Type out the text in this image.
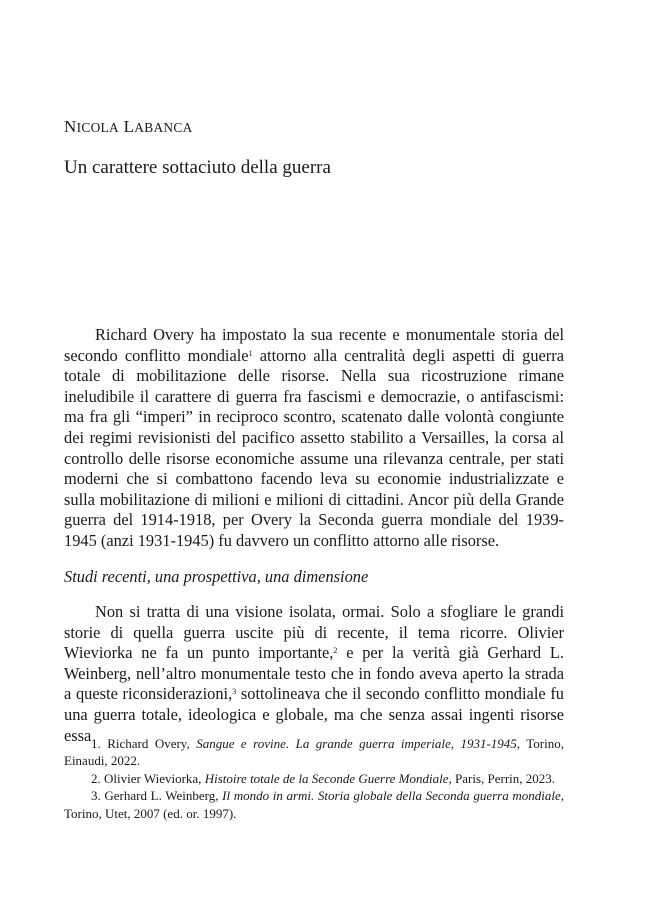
NICOLA LABANCA
Un carattere sottaciuto della guerra

Richard Overy ha impostato la sua recente e monumentale storia del secondo conflitto mondiale$^1$ attorno alla centralità degli aspetti di guerra totale di mobilitazione delle risorse. Nella sua ricostruzione rimane ineludibile il carattere di guerra fra fascismi e democrazie, o antifascismi: ma fra gli “imperi” in reciproco scontro, scatenato dalle volontà congiunte dei regimi revisionisti del pacifico assetto stabilito a Versailles, la corsa al controllo delle risorse economiche assume una rilevanza centrale, per stati moderni che si combattono facendo leva su economie industrializzate e sulla mobilitazione di milioni e milioni di cittadini. Ancor più della Grande guerra del 1914-1918, per Overy la Seconda guerra mondiale del 1939-1945 (anzi 1931-1945) fu davvero un conflitto attorno alle risorse.

Studi recenti, una prospettiva, una dimensione

Non si tratta di una visione isolata, ormai. Solo a sfogliare le grandi storie di quella guerra uscite più di recente, il tema ricorre. Olivier Wieviorka ne fa un punto importante,$^2$ e per la verità già Gerhard L. Weinberg, nell’altro monumentale testo che in fondo aveva aperto la strada a queste riconsiderazioni,$^3$ sottolineava che il secondo conflitto mondiale fu una guerra totale, ideologica e globale, ma che senza assai ingenti risorse essa 1. Richard Overy, Sangue e rovine. La grande guerra imperiale, 1931-1945, Torino, Einaudi, 2022.

2. Olivier Wieviorka, Histoire totale de la Seconde Guerre Mondiale, Paris, Perrin, 2023.

3. Gerhard L. Weinberg, Il mondo in armi. Storia globale della Seconda guerra mondiale, Torino, Utet, 2007 (ed. or. 1997).
